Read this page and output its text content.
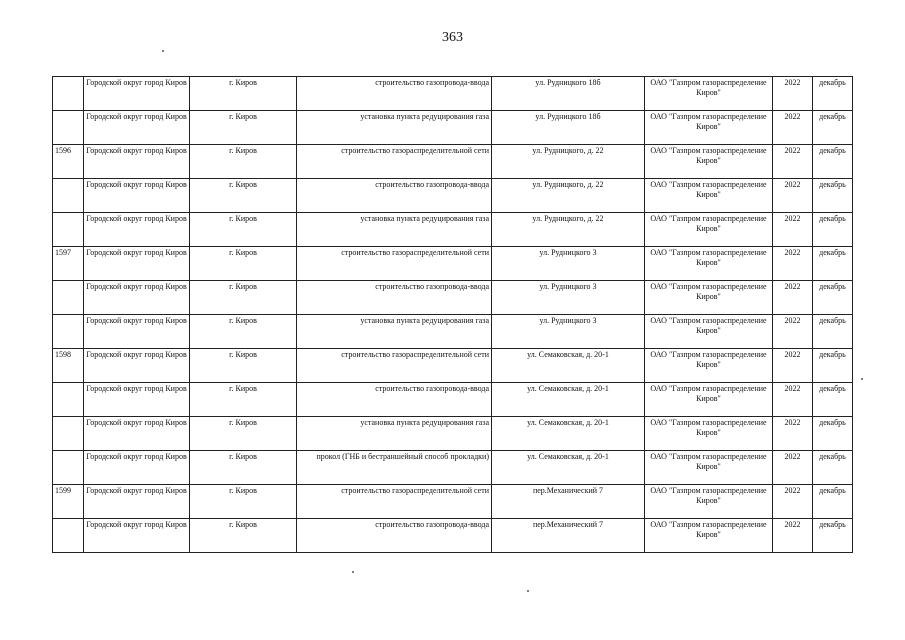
363
	Городской округ город Киров	г. Киров	строительство газопровода-ввода	ул. Рудницкого 18б	ОАО "Газпром газораспределение Киров"	2022	декабрь
	Городской округ город Киров	г. Киров	установка пункта редуцирования газа	ул. Рудницкого 18б	ОАО "Газпром газораспределение Киров"	2022	декабрь
1596	Городской округ город Киров	г. Киров	строительство газораспределительной сети	ул. Рудницкого, д. 22	ОАО "Газпром газораспределение Киров"	2022	декабрь
	Городской округ город Киров	г. Киров	строительство газопровода-ввода	ул. Рудницкого, д. 22	ОАО "Газпром газораспределение Киров"	2022	декабрь
	Городской округ город Киров	г. Киров	установка пункта редуцирования газа	ул. Рудницкого, д. 22	ОАО "Газпром газораспределение Киров"	2022	декабрь
1597	Городской округ город Киров	г. Киров	строительство газораспределительной сети	ул. Рудницкого 3	ОАО "Газпром газораспределение Киров"	2022	декабрь
	Городской округ город Киров	г. Киров	строительство газопровода-ввода	ул. Рудницкого 3	ОАО "Газпром газораспределение Киров"	2022	декабрь
	Городской округ город Киров	г. Киров	установка пункта редуцирования газа	ул. Рудницкого 3	ОАО "Газпром газораспределение Киров"	2022	декабрь
1598	Городской округ город Киров	г. Киров	строительство газораспределительной сети	ул. Семаковская, д. 20-1	ОАО "Газпром газораспределение Киров"	2022	декабрь
	Городской округ город Киров	г. Киров	строительство газопровода-ввода	ул. Семаковская, д. 20-1	ОАО "Газпром газораспределение Киров"	2022	декабрь
	Городской округ город Киров	г. Киров	установка пункта редуцирования газа	ул. Семаковская, д. 20-1	ОАО "Газпром газораспределение Киров"	2022	декабрь
	Городской округ город Киров	г. Киров	прокол (ГНБ и бестраншейный способ прокладки)	ул. Семаковская, д. 20-1	ОАО "Газпром газораспределение Киров"	2022	декабрь
1599	Городской округ город Киров	г. Киров	строительство газораспределительной сети	пер.Механический 7	ОАО "Газпром газораспределение Киров"	2022	декабрь
	Городской округ город Киров	г. Киров	строительство газопровода-ввода	пер.Механический 7	ОАО "Газпром газораспределение Киров"	2022	декабрь
